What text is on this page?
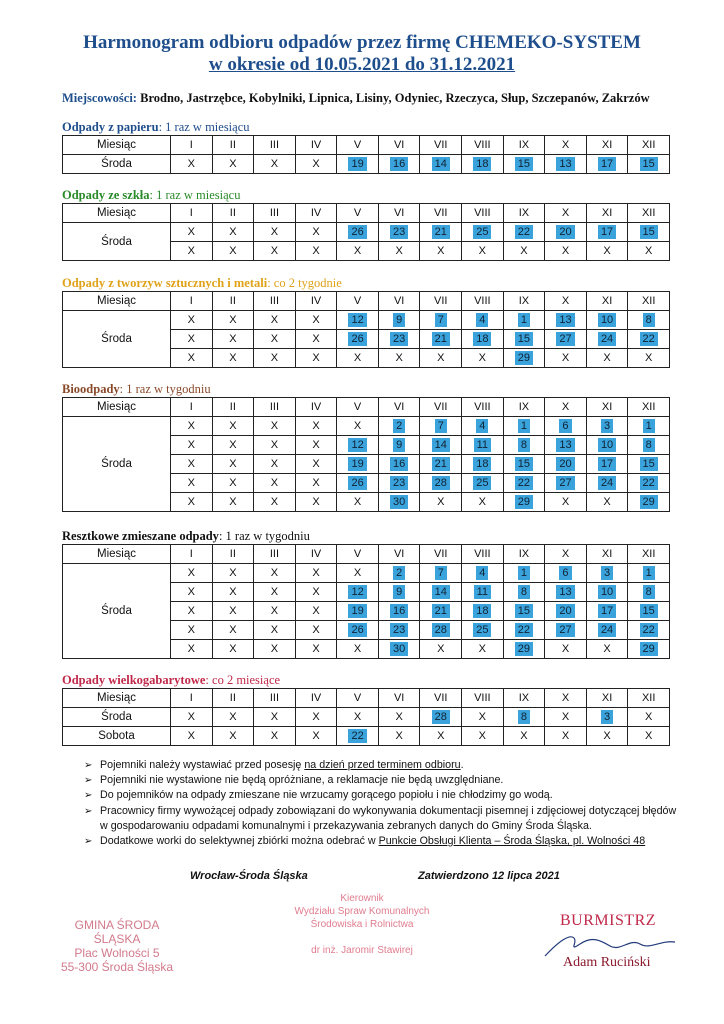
Harmonogram odbioru odpadów przez firmę CHEMEKO-SYSTEM
w okresie od 10.05.2021 do 31.12.2021
Miejscowości: Brodno, Jastrzębce, Kobylniki, Lipnica, Lisiny, Odyniec, Rzeczyca, Słup, Szczepanów, Zakrzów
Odpady z papieru: 1 raz w miesiącu
Miesiąc	I	II	III	IV	V	VI	VII	VIII	IX	X	XI	XII
Środa	X	X	X	X	19	16	14	18	15	13	17	15
Odpady ze szkła: 1 raz w miesiącu
Miesiąc	I	II	III	IV	V	VI	VII	VIII	IX	X	XI	XII
Środa	X	X	X	X	26	23	21	25	22	20	17	15
	X	X	X	X	X	X	X	X	X	X	X	X
Odpady z tworzyw sztucznych i metali: co 2 tygodnie
Miesiąc	I	II	III	IV	V	VI	VII	VIII	IX	X	XI	XII
Środa	X	X	X	X	12	9	7	4	1	13	10	8
	X	X	X	X	26	23	21	18	15	27	24	22
	X	X	X	X	X	X	X	X	29	X	X	X
Bioodpady: 1 raz w tygodniu
Miesiąc	I	II	III	IV	V	VI	VII	VIII	IX	X	XI	XII
Środa	X	X	X	X	X	2	7	4	1	6	3	1
	X	X	X	X	12	9	14	11	8	13	10	8
	X	X	X	X	19	16	21	18	15	20	17	15
	X	X	X	X	26	23	28	25	22	27	24	22
	X	X	X	X	X	30	X	X	29	X	X	29
Resztkowe zmieszane odpady: 1 raz w tygodniu
Miesiąc	I	II	III	IV	V	VI	VII	VIII	IX	X	XI	XII
Środa	X	X	X	X	X	2	7	4	1	6	3	1
	X	X	X	X	12	9	14	11	8	13	10	8
	X	X	X	X	19	16	21	18	15	20	17	15
	X	X	X	X	26	23	28	25	22	27	24	22
	X	X	X	X	X	30	X	X	29	X	X	29
Odpady wielkogabarytowe: co 2 miesiące
Miesiąc	I	II	III	IV	V	VI	VII	VIII	IX	X	XI	XII
Środa	X	X	X	X	X	X	28	X	8	X	3	X
Sobota	X	X	X	X	22	X	X	X	X	X	X	X
➢ Pojemniki należy wystawiać przed posesję na dzień przed terminem odbioru.
➢ Pojemniki nie wystawione nie będą opróżniane, a reklamacje nie będą uwzględniane.
➢ Do pojemników na odpady zmieszane nie wrzucamy gorącego popiołu i nie chłodzimy go wodą.
➢ Pracownicy firmy wywożącej odpady zobowiązani do wykonywania dokumentacji pisemnej i zdjęciowej dotyczącej błędów
w gospodarowaniu odpadami komunalnymi i przekazywania zebranych danych do Gminy Środa Śląska.
➢ Dodatkowe worki do selektywnej zbiórki można odebrać w Punkcie Obsługi Klienta – Środa Śląska, pl. Wolności 48
Wrocław-Środa Śląska	Zatwierdzono 12 lipca 2021
GMINA ŚRODA ŚLĄSKA
Plac Wolności 5
55-300 Środa Śląska
Kierownik
Wydziału Spraw Komunalnych
Środowiska i Rolnictwa

dr inż. Jaromir Stawirej
BURMISTRZ
Adam Ruciński
